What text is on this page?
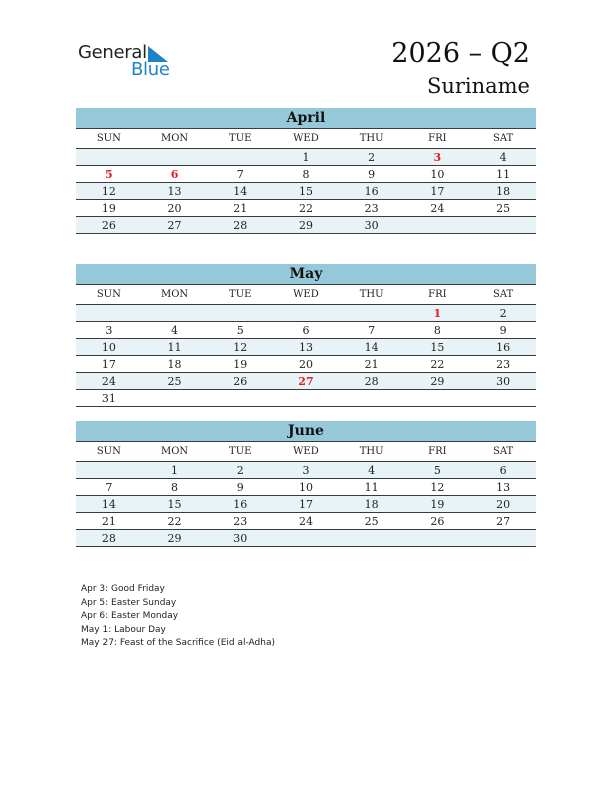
General
Blue
2026 – Q2
Suriname
April
SUN	MON	TUE	WED	THU	FRI	SAT
			1	2	3	4
5	6	7	8	9	10	11
12	13	14	15	16	17	18
19	20	21	22	23	24	25
26	27	28	29	30		
May
SUN	MON	TUE	WED	THU	FRI	SAT
					1	2
3	4	5	6	7	8	9
10	11	12	13	14	15	16
17	18	19	20	21	22	23
24	25	26	27	28	29	30
31						
June
SUN	MON	TUE	WED	THU	FRI	SAT
	1	2	3	4	5	6
7	8	9	10	11	12	13
14	15	16	17	18	19	20
21	22	23	24	25	26	27
28	29	30				
Apr 3: Good Friday
Apr 5: Easter Sunday
Apr 6: Easter Monday
May 1: Labour Day
May 27: Feast of the Sacrifice (Eid al-Adha)
